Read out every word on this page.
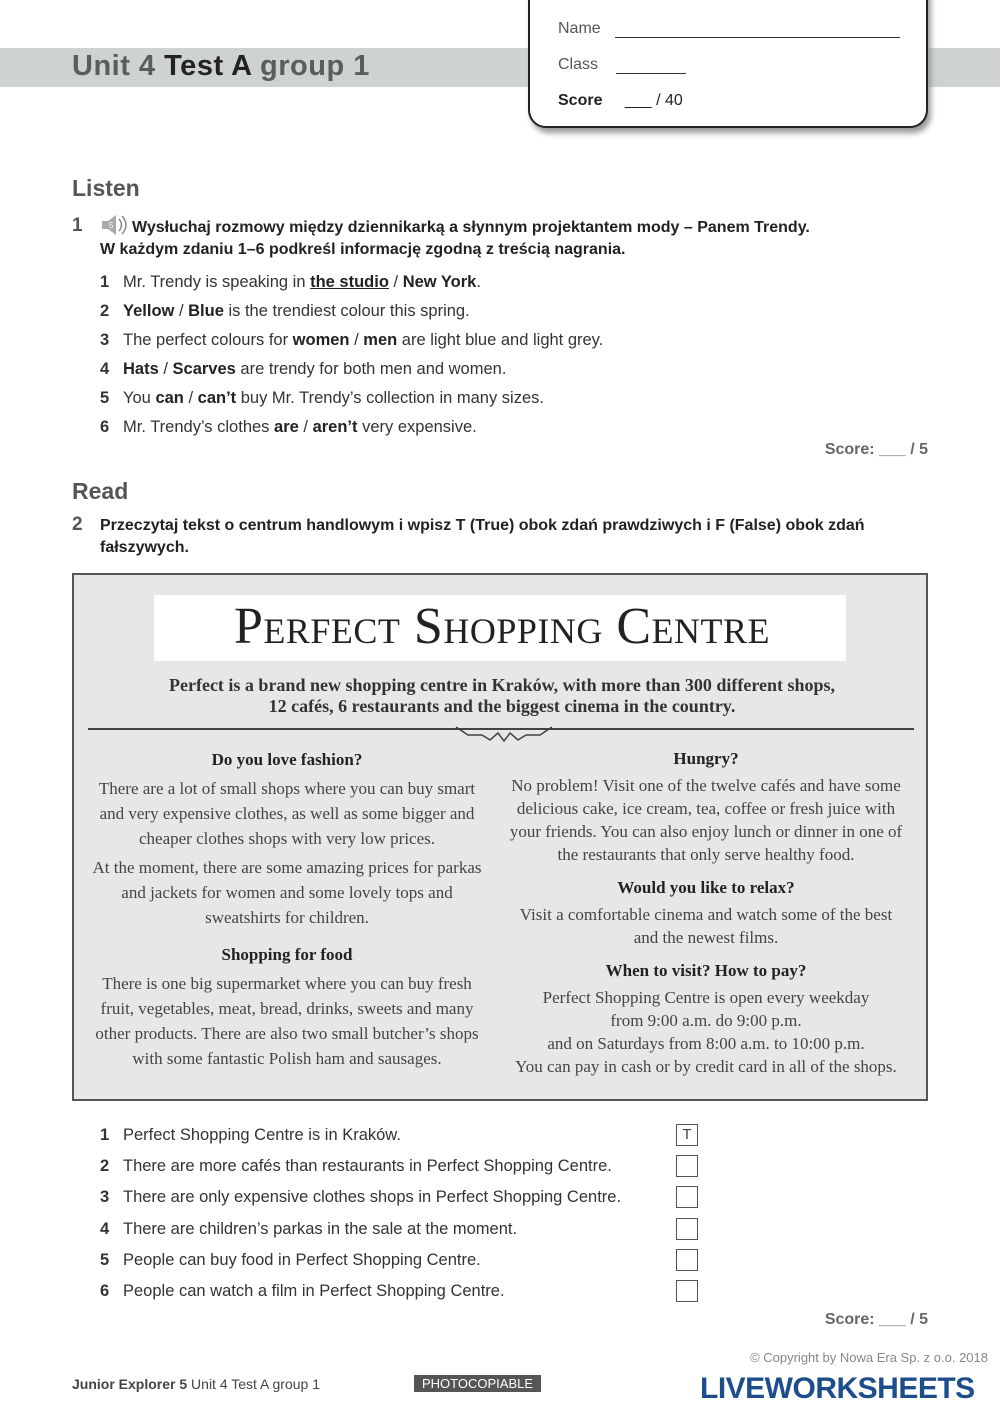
Unit 4 Test A group 1
Name
Class
Score ___ / 40
Listen
1	5 Wysłuchaj rozmowy między dziennikarką a słynnym projektantem mody – Panem Trendy.
W każdym zdaniu 1–6 podkreśl informację zgodną z treścią nagrania.
1 Mr. Trendy is speaking in the studio / New York.
2 Yellow / Blue is the trendiest colour this spring.
3 The perfect colours for women / men are light blue and light grey.
4 Hats / Scarves are trendy for both men and women.
5 You can / can’t buy Mr. Trendy’s collection in many sizes.
6 Mr. Trendy’s clothes are / aren’t very expensive.
Score: ___ / 5
Read
2 Przeczytaj tekst o centrum handlowym i wpisz T (True) obok zdań prawdziwych i F (False) obok zdań fałszywych.
Perfect Shopping Centre
Perfect is a brand new shopping centre in Kraków, with more than 300 different shops,
12 cafés, 6 restaurants and the biggest cinema in the country.
Do you love fashion?

There are a lot of small shops where you can buy smart and very expensive clothes, as well as some bigger and cheaper clothes shops with very low prices.

At the moment, there are some amazing prices for parkas and jackets for women and some lovely tops and sweatshirts for children.

Shopping for food

There is one big supermarket where you can buy fresh fruit, vegetables, meat, bread, drinks, sweets and many other products. There are also two small butcher’s shops with some fantastic Polish ham and sausages.

Hungry?

No problem! Visit one of the twelve cafés and have some delicious cake, ice cream, tea, coffee or fresh juice with your friends. You can also enjoy lunch or dinner in one of the restaurants that only serve healthy food.

Would you like to relax?

Visit a comfortable cinema and watch some of the best and the newest films.

When to visit? How to pay?

Perfect Shopping Centre is open every weekday

from 9:00 a.m. do 9:00 p.m.

and on Saturdays from 8:00 a.m. to 10:00 p.m.

You can pay in cash or by credit card in all of the shops.

1 Perfect Shopping Centre is in Kraków.	T
2 There are more cafés than restaurants in Perfect Shopping Centre.
3 There are only expensive clothes shops in Perfect Shopping Centre.
4 There are children’s parkas in the sale at the moment.
5 People can buy food in Perfect Shopping Centre.
6 People can watch a film in Perfect Shopping Centre.
Score: ___ / 5
Junior Explorer 5 Unit 4 Test A group 1	PHOTOCOPIABLE
© Copyright by Nowa Era Sp. z o.o. 2018
LIVEWORKSHEETS
